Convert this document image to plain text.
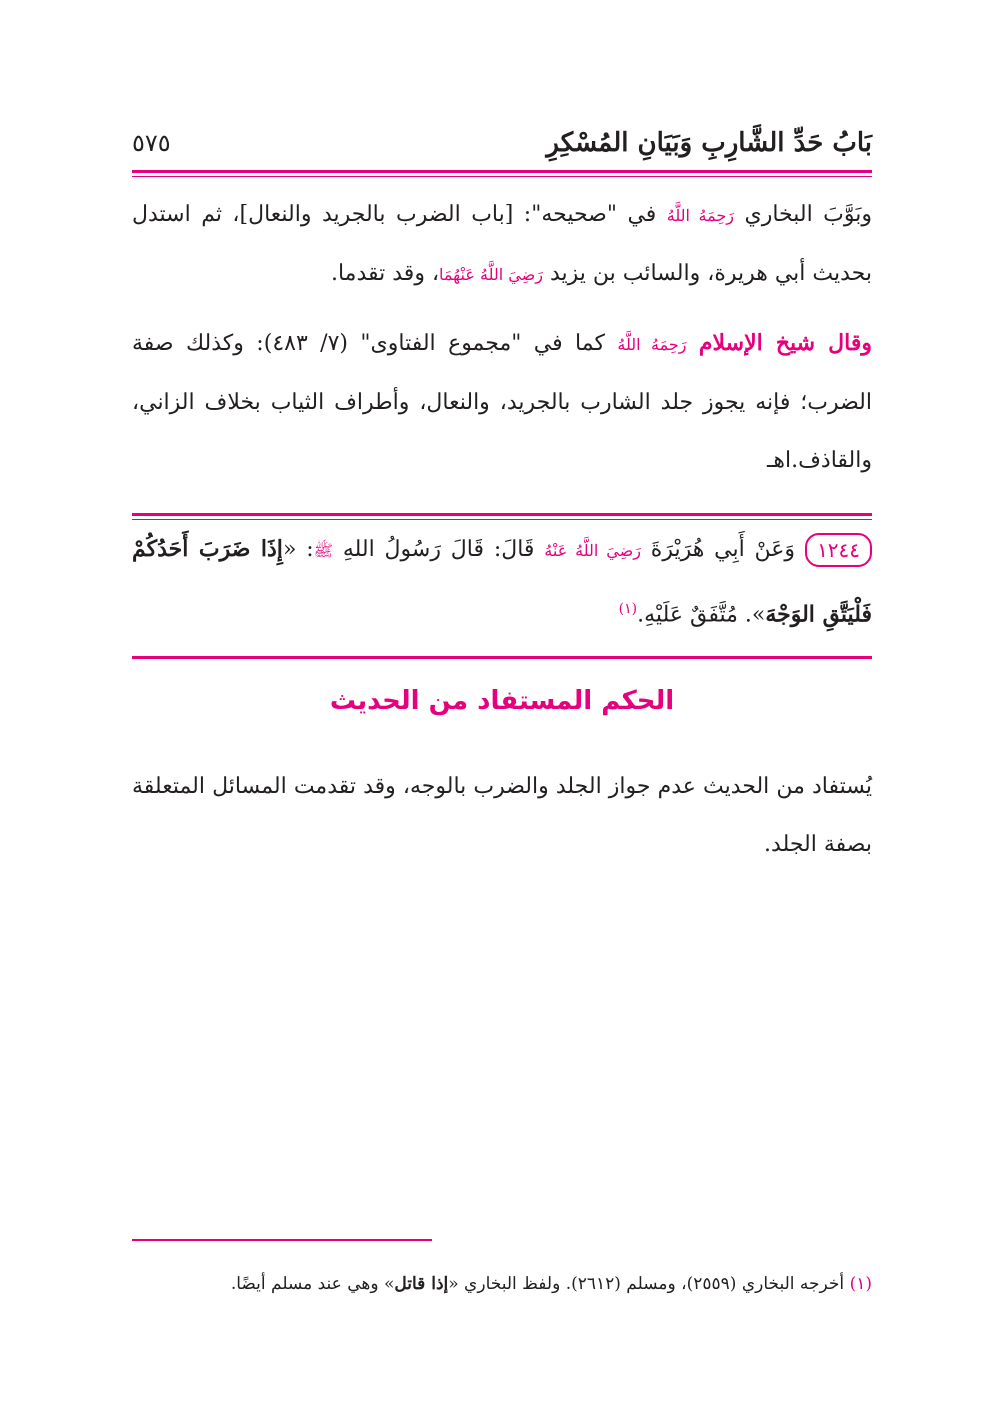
بَابُ حَدِّ الشَّارِبِ وَبَيَانِ المُسْكِرِ
٥٧٥

وبَوَّبَ البخاري رَحِمَهُ اللَّهُ في "صحيحه": [باب الضرب بالجريد والنعال]، ثم استدل بحديث أبي هريرة، والسائب بن يزيد رَضِيَ اللَّهُ عَنْهُمَا، وقد تقدما.

وقال شيخ الإسلام رَحِمَهُ اللَّهُ كما في "مجموع الفتاوى" (٧/ ٤٨٣): وكذلك صفة الضرب؛ فإنه يجوز جلد الشارب بالجريد، والنعال، وأطراف الثياب بخلاف الزاني، والقاذف.اهـ

١٢٤٤وَعَنْ أَبِي هُرَيْرَةَ رَضِيَ اللَّهُ عَنْهُ قَالَ: قَالَ رَسُولُ اللهِ ﷺ: «إِذَا ضَرَبَ أَحَدُكُمْ فَلْيَتَّقِ الوَجْهَ». مُتَّفَقٌ عَلَيْهِ.$^{(١)}$

الحكم المستفاد من الحديث

يُستفاد من الحديث عدم جواز الجلد والضرب بالوجه، وقد تقدمت المسائل المتعلقة بصفة الجلد.

(١) أخرجه البخاري (٢٥٥٩)، ومسلم (٢٦١٢). ولفظ البخاري «إذا قاتل» وهي عند مسلم أيضًا.
